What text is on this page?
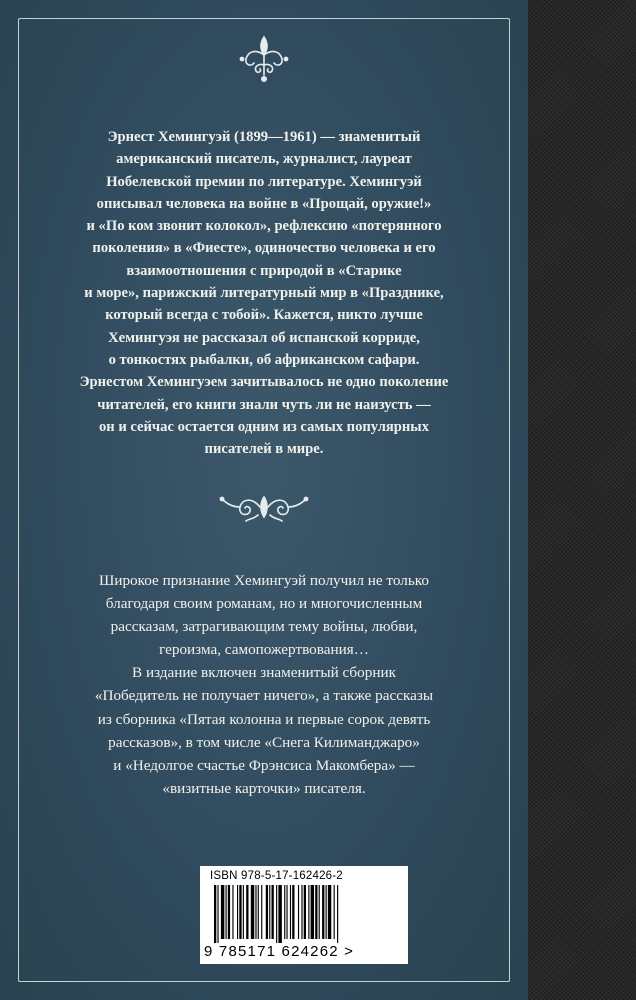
Эрнест Хемингуэй (1899—1961) — знаменитый
американский писатель, журналист, лауреат
Нобелевской премии по литературе. Хемингуэй
описывал человека на войне в «Прощай, оружие!»
и «По ком звонит колокол», рефлексию «потерянного
поколения» в «Фиесте», одиночество человека и его
взаимоотношения с природой в «Старике
и море», парижский литературный мир в «Празднике,
который всегда с тобой». Кажется, никто лучше
Хемингуэя не рассказал об испанской корриде,
о тонкостях рыбалки, об африканском сафари.
Эрнестом Хемингуэем зачитывалось не одно поколение
читателей, его книги знали чуть ли не наизусть —
он и сейчас остается одним из самых популярных
писателей в мире.
Широкое признание Хемингуэй получил не только
благодаря своим романам, но и многочисленным
рассказам, затрагивающим тему войны, любви,
героизма, самопожертвования…
В издание включен знаменитый сборник
«Победитель не получает ничего», а также рассказы
из сборника «Пятая колонна и первые сорок девять
рассказов», в том числе «Снега Килиманджаро»
и «Недолгое счастье Фрэнсиса Макомбера» —
«визитные карточки» писателя.
ISBN 978-5-17-162426-2
9 785171 624262 >
